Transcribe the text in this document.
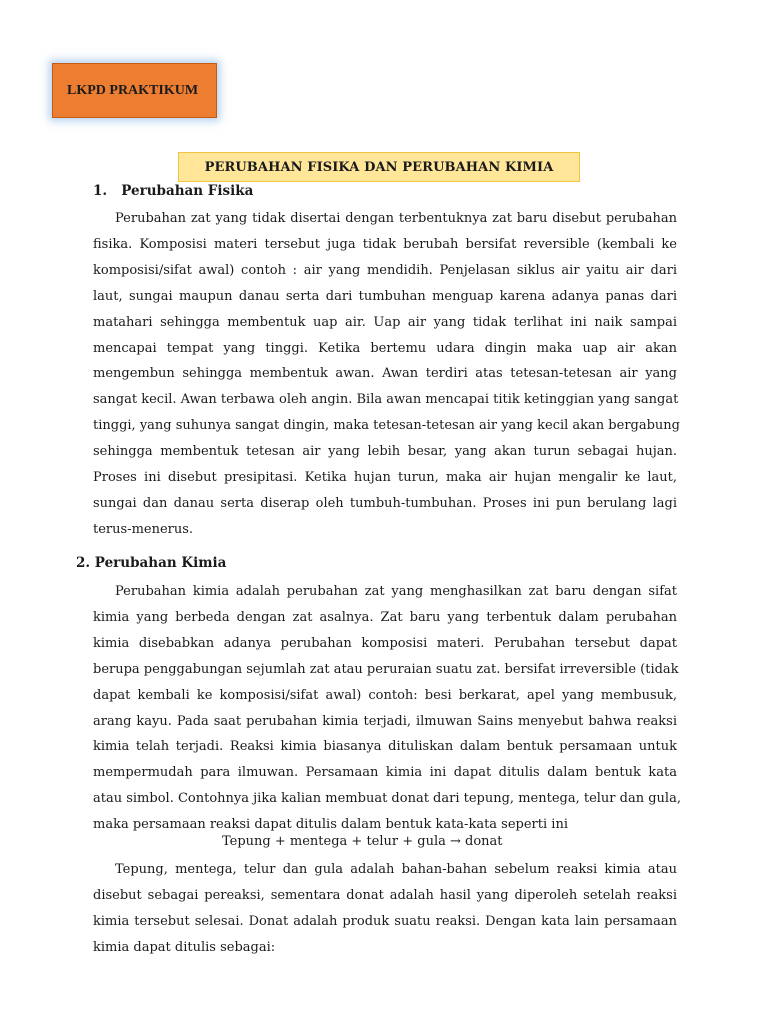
LKPD PRAKTIKUM
PERUBAHAN FISIKA DAN PERUBAHAN KIMIA
1. Perubahan Fisika
Perubahan zat yang tidak disertai dengan terbentuknya zat baru disebut perubahan
fisika. Komposisi materi tersebut juga tidak berubah bersifat reversible (kembali ke
komposisi/sifat awal) contoh : air yang mendidih. Penjelasan siklus air yaitu air dari
laut, sungai maupun danau serta dari tumbuhan menguap karena adanya panas dari
matahari sehingga membentuk uap air. Uap air yang tidak terlihat ini naik sampai
mencapai tempat yang tinggi. Ketika bertemu udara dingin maka uap air akan
mengembun sehingga membentuk awan. Awan terdiri atas tetesan-tetesan air yang
sangat kecil. Awan terbawa oleh angin. Bila awan mencapai titik ketinggian yang sangat
tinggi, yang suhunya sangat dingin, maka tetesan-tetesan air yang kecil akan bergabung
sehingga membentuk tetesan air yang lebih besar, yang akan turun sebagai hujan.
Proses ini disebut presipitasi. Ketika hujan turun, maka air hujan mengalir ke laut,
sungai dan danau serta diserap oleh tumbuh-tumbuhan. Proses ini pun berulang lagi
terus-menerus.
2. Perubahan Kimia
Perubahan kimia adalah perubahan zat yang menghasilkan zat baru dengan sifat
kimia yang berbeda dengan zat asalnya. Zat baru yang terbentuk dalam perubahan
kimia disebabkan adanya perubahan komposisi materi. Perubahan tersebut dapat
berupa penggabungan sejumlah zat atau peruraian suatu zat. bersifat irreversible (tidak
dapat kembali ke komposisi/sifat awal) contoh: besi berkarat, apel yang membusuk,
arang kayu. Pada saat perubahan kimia terjadi, ilmuwan Sains menyebut bahwa reaksi
kimia telah terjadi. Reaksi kimia biasanya dituliskan dalam bentuk persamaan untuk
mempermudah para ilmuwan. Persamaan kimia ini dapat ditulis dalam bentuk kata
atau simbol. Contohnya jika kalian membuat donat dari tepung, mentega, telur dan gula,
maka persamaan reaksi dapat ditulis dalam bentuk kata-kata seperti ini
Tepung + mentega + telur + gula → donat
Tepung, mentega, telur dan gula adalah bahan-bahan sebelum reaksi kimia atau
disebut sebagai pereaksi, sementara donat adalah hasil yang diperoleh setelah reaksi
kimia tersebut selesai. Donat adalah produk suatu reaksi. Dengan kata lain persamaan
kimia dapat ditulis sebagai:
